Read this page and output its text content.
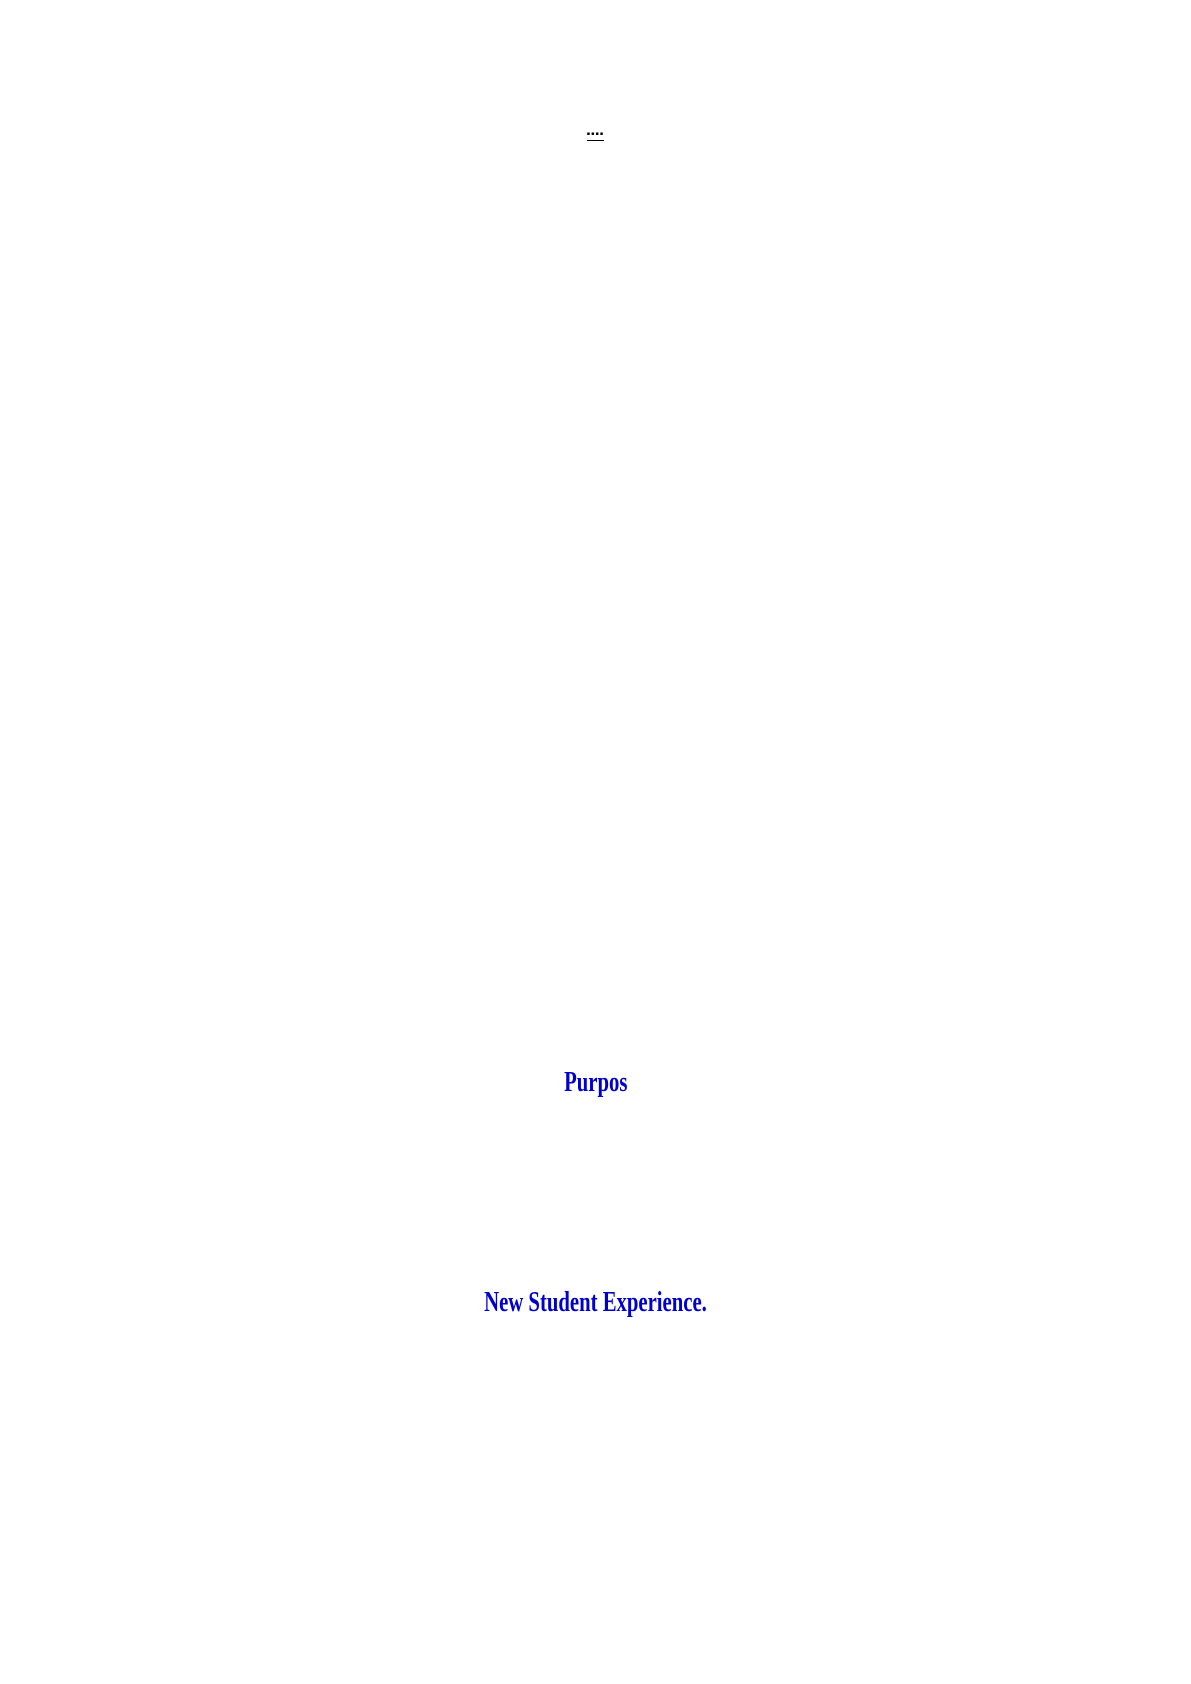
▪▪▪▪
Purpos
New Student Experience.
